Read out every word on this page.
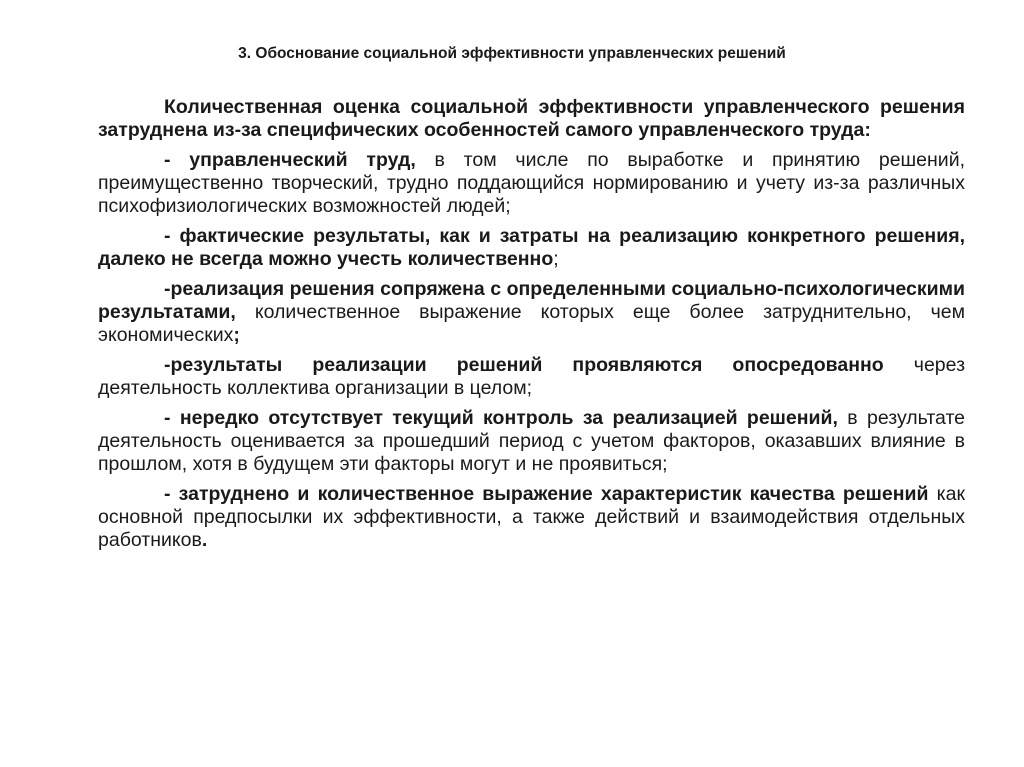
3. Обоснование социальной эффективности управленческих решений

Количественная оценка социальной эффективности управленческого решения затруднена из-за специфических особенностей самого управленческого труда:

- управленческий труд, в том числе по выработке и принятию решений, преимущественно творческий, трудно поддающийся нормированию и учету из-за различных психофизиологических возможностей людей;

- фактические результаты, как и затраты на реализацию конкретного решения, далеко не всегда можно учесть количественно;

-реализация решения сопряжена с определенными социально-психологическими результатами, количественное выражение которых еще более затруднительно, чем экономических;

-результаты реализации решений проявляются опосредованно через деятельность коллектива организации в целом;

- нередко отсутствует текущий контроль за реализацией решений, в результате деятельность оценивается за прошедший период с учетом факторов, оказавших влияние в прошлом, хотя в будущем эти факторы могут и не проявиться;

- затруднено и количественное выражение характеристик качества решений как основной предпосылки их эффективности, а также действий и взаимодействия отдельных работников.
